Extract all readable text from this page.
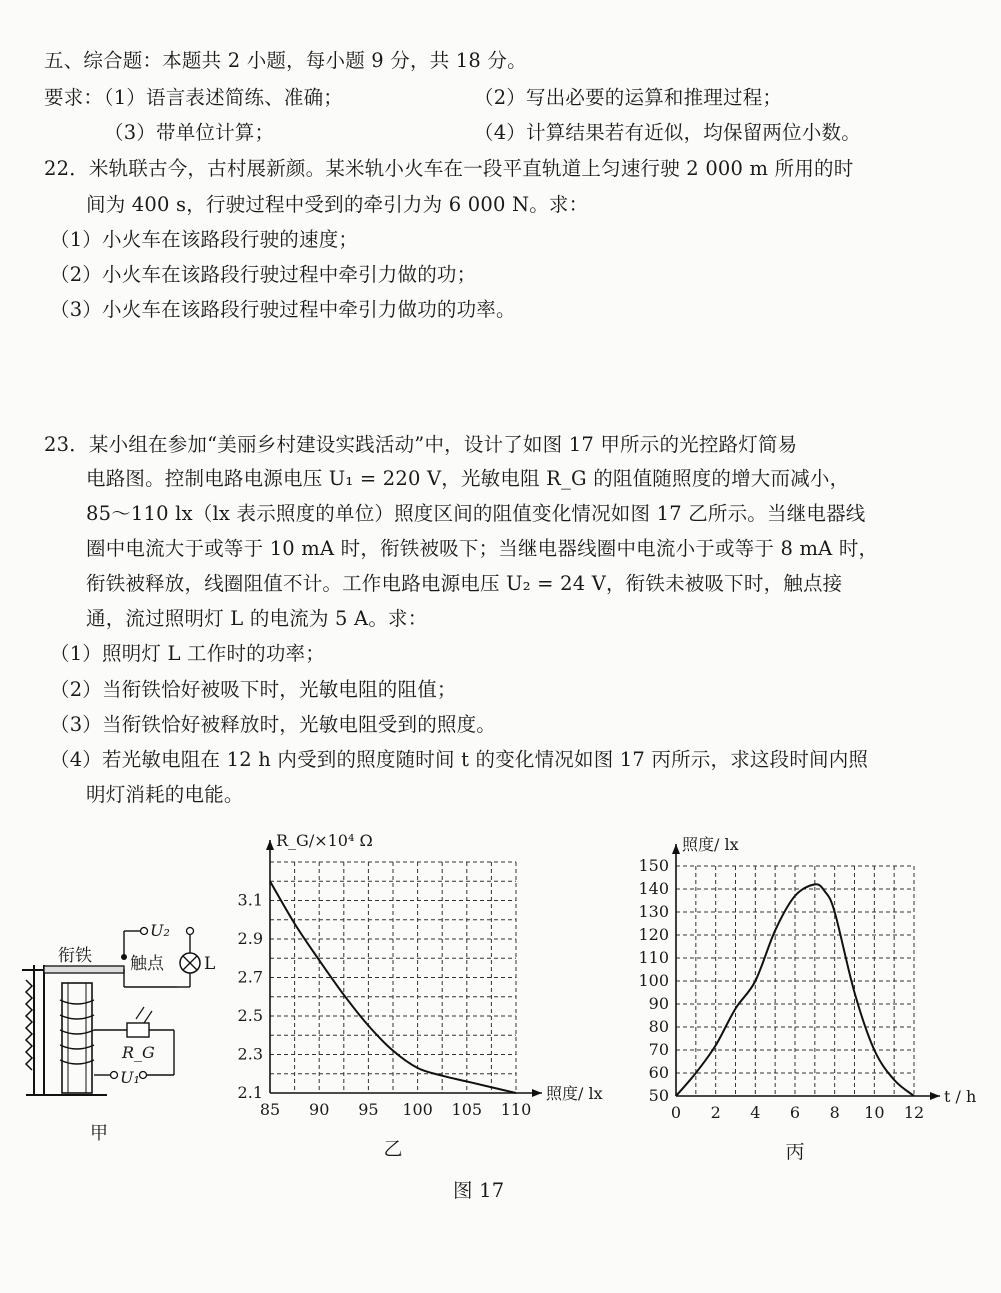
五、综合题：本题共 2 小题，每小题 9 分，共 18 分。
要求：
（1）语言表述简练、准确；	（2）写出必要的运算和推理过程；
（3）带单位计算；	（4）计算结果若有近似，均保留两位小数。
22．米轨联古今，古村展新颜。某米轨小火车在一段平直轨道上匀速行驶 2 000 m 所用的时
间为 400 s，行驶过程中受到的牵引力为 6 000 N。求：
（1）小火车在该路段行驶的速度；
（2）小火车在该路段行驶过程中牵引力做的功；
（3）小火车在该路段行驶过程中牵引力做功的功率。
23．某小组在参加“美丽乡村建设实践活动”中，设计了如图 17 甲所示的光控路灯简易
电路图。控制电路电源电压 U₁ = 220 V，光敏电阻 R_G 的阻值随照度的增大而减小，
85～110 lx（lx 表示照度的单位）照度区间的阻值变化情况如图 17 乙所示。当继电器线
圈中电流大于或等于 10 mA 时，衔铁被吸下；当继电器线圈中电流小于或等于 8 mA 时，
衔铁被释放，线圈阻值不计。工作电路电源电压 U₂ = 24 V，衔铁未被吸下时，触点接
通，流过照明灯 L 的电流为 5 A。求：
（1）照明灯 L 工作时的功率；
（2）当衔铁恰好被吸下时，光敏电阻的阻值；
（3）当衔铁恰好被释放时，光敏电阻受到的照度。
（4）若光敏电阻在 12 h 内受到的照度随时间 t 的变化情况如图 17 丙所示，求这段时间内照
明灯消耗的电能。
衔铁 触点 L
U₂
R_G
U₁
甲
85 90 95 100 105 110
2.1
2.3
2.5
2.7
2.9
3.1
R_G/×10⁴ Ω
照度/ lx
乙
0 2 4 6 8 10 12
50
60
70
80
90
100
110
120
130
140
150
照度/ lx
t / h
丙
图 17
